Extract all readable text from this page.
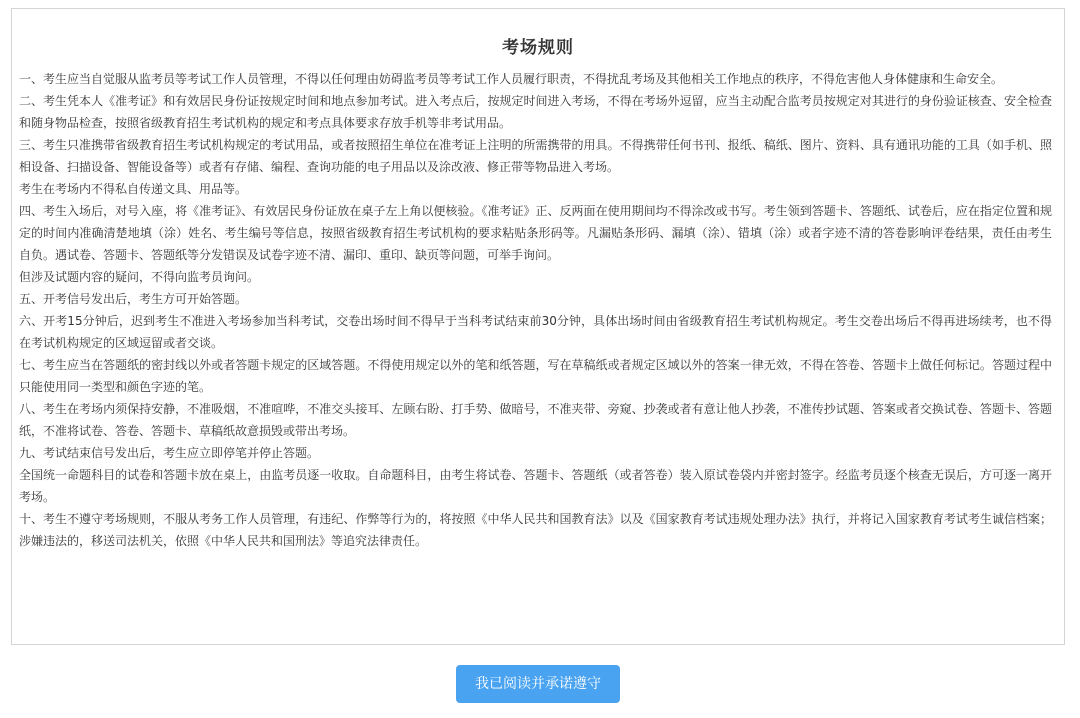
考场规则

一、考生应当自觉服从监考员等考试工作人员管理，不得以任何理由妨碍监考员等考试工作人员履行职责，不得扰乱考场及其他相关工作地点的秩序，不得危害他人身体健康和生命安全。

二、考生凭本人《准考证》和有效居民身份证按规定时间和地点参加考试。进入考点后，按规定时间进入考场，不得在考场外逗留，应当主动配合监考员按规定对其进行的身份验证核查、安全检查和随身物品检查，按照省级教育招生考试机构的规定和考点具体要求存放手机等非考试用品。

三、考生只准携带省级教育招生考试机构规定的考试用品，或者按照招生单位在准考证上注明的所需携带的用具。不得携带任何书刊、报纸、稿纸、图片、资料、具有通讯功能的工具（如手机、照相设备、扫描设备、智能设备等）或者有存储、编程、查询功能的电子用品以及涂改液、修正带等物品进入考场。

考生在考场内不得私自传递文具、用品等。

四、考生入场后，对号入座，将《准考证》、有效居民身份证放在桌子左上角以便核验。《准考证》正、反两面在使用期间均不得涂改或书写。考生领到答题卡、答题纸、试卷后，应在指定位置和规定的时间内准确清楚地填（涂）姓名、考生编号等信息，按照省级教育招生考试机构的要求粘贴条形码等。凡漏贴条形码、漏填（涂）、错填（涂）或者字迹不清的答卷影响评卷结果，责任由考生自负。遇试卷、答题卡、答题纸等分发错误及试卷字迹不清、漏印、重印、缺页等问题，可举手询问。

但涉及试题内容的疑问，不得向监考员询问。

五、开考信号发出后，考生方可开始答题。

六、开考15分钟后，迟到考生不准进入考场参加当科考试，交卷出场时间不得早于当科考试结束前30分钟，具体出场时间由省级教育招生考试机构规定。考生交卷出场后不得再进场续考，也不得在考试机构规定的区域逗留或者交谈。

七、考生应当在答题纸的密封线以外或者答题卡规定的区域答题。不得使用规定以外的笔和纸答题，写在草稿纸或者规定区域以外的答案一律无效，不得在答卷、答题卡上做任何标记。答题过程中只能使用同一类型和颜色字迹的笔。

八、考生在考场内须保持安静，不准吸烟，不准喧哗，不准交头接耳、左顾右盼、打手势、做暗号，不准夹带、旁窥、抄袭或者有意让他人抄袭，不准传抄试题、答案或者交换试卷、答题卡、答题纸，不准将试卷、答卷、答题卡、草稿纸故意损毁或带出考场。

九、考试结束信号发出后，考生应立即停笔并停止答题。

全国统一命题科目的试卷和答题卡放在桌上，由监考员逐一收取。自命题科目，由考生将试卷、答题卡、答题纸（或者答卷）装入原试卷袋内并密封签字。经监考员逐个核查无误后，方可逐一离开考场。

十、考生不遵守考场规则，不服从考务工作人员管理，有违纪、作弊等行为的，将按照《中华人民共和国教育法》以及《国家教育考试违规处理办法》执行，并将记入国家教育考试考生诚信档案；涉嫌违法的，移送司法机关，依照《中华人民共和国刑法》等追究法律责任。

我已阅读并承诺遵守
